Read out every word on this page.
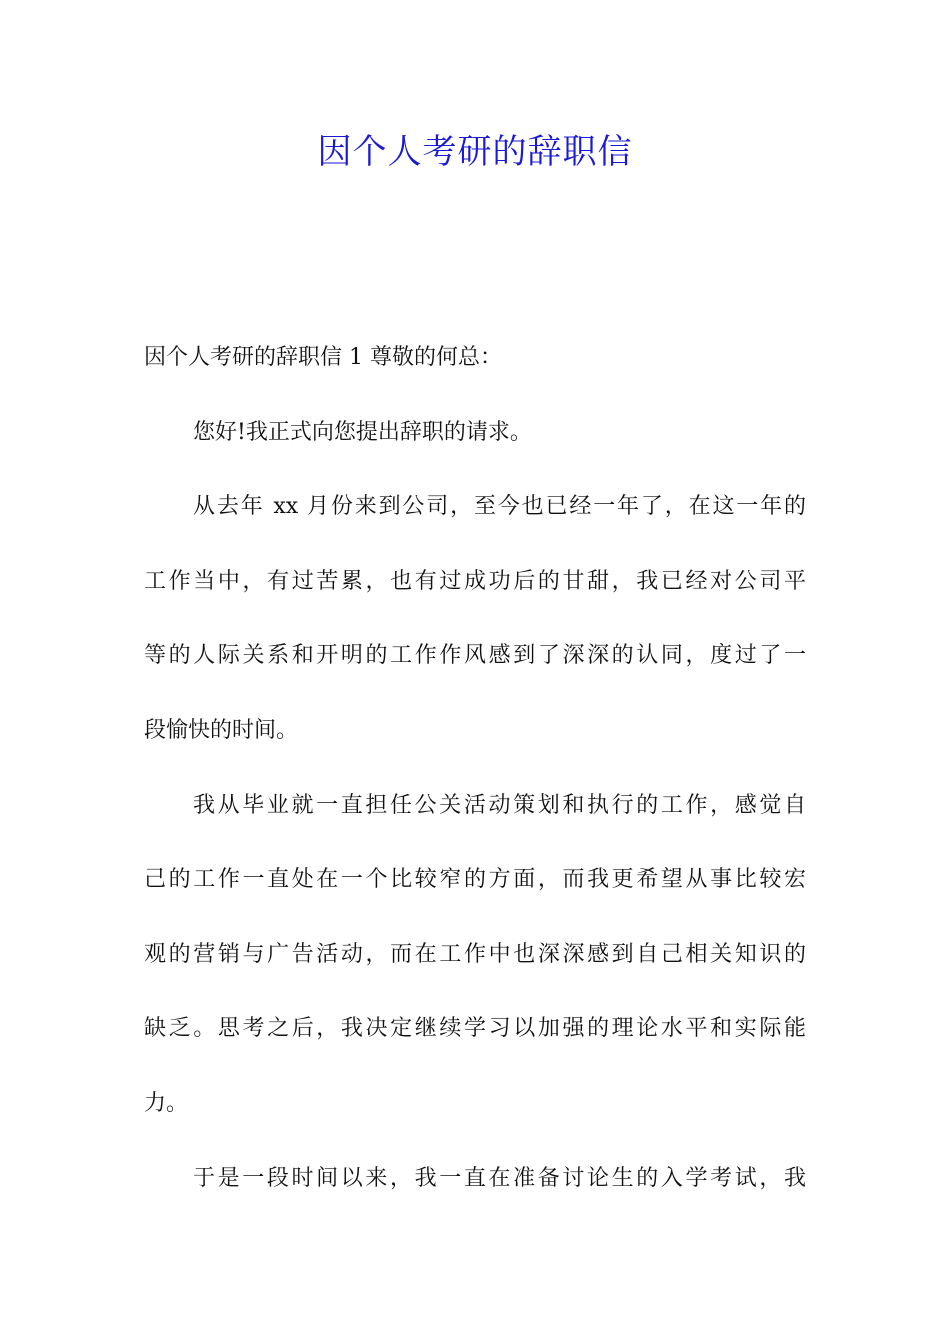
因个人考研的辞职信
因个人考研的辞职信 1 尊敬的何总：
您好!我正式向您提出辞职的请求。
从去年 xx 月份来到公司，至今也已经一年了，在这一年的
工作当中，有过苦累，也有过成功后的甘甜，我已经对公司平
等的人际关系和开明的工作作风感到了深深的认同，度过了一
段愉快的时间。
我从毕业就一直担任公关活动策划和执行的工作，感觉自
己的工作一直处在一个比较窄的方面，而我更希望从事比较宏
观的营销与广告活动，而在工作中也深深感到自己相关知识的
缺乏。思考之后，我决定继续学习以加强的理论水平和实际能
力。
于是一段时间以来，我一直在准备讨论生的入学考试，我
